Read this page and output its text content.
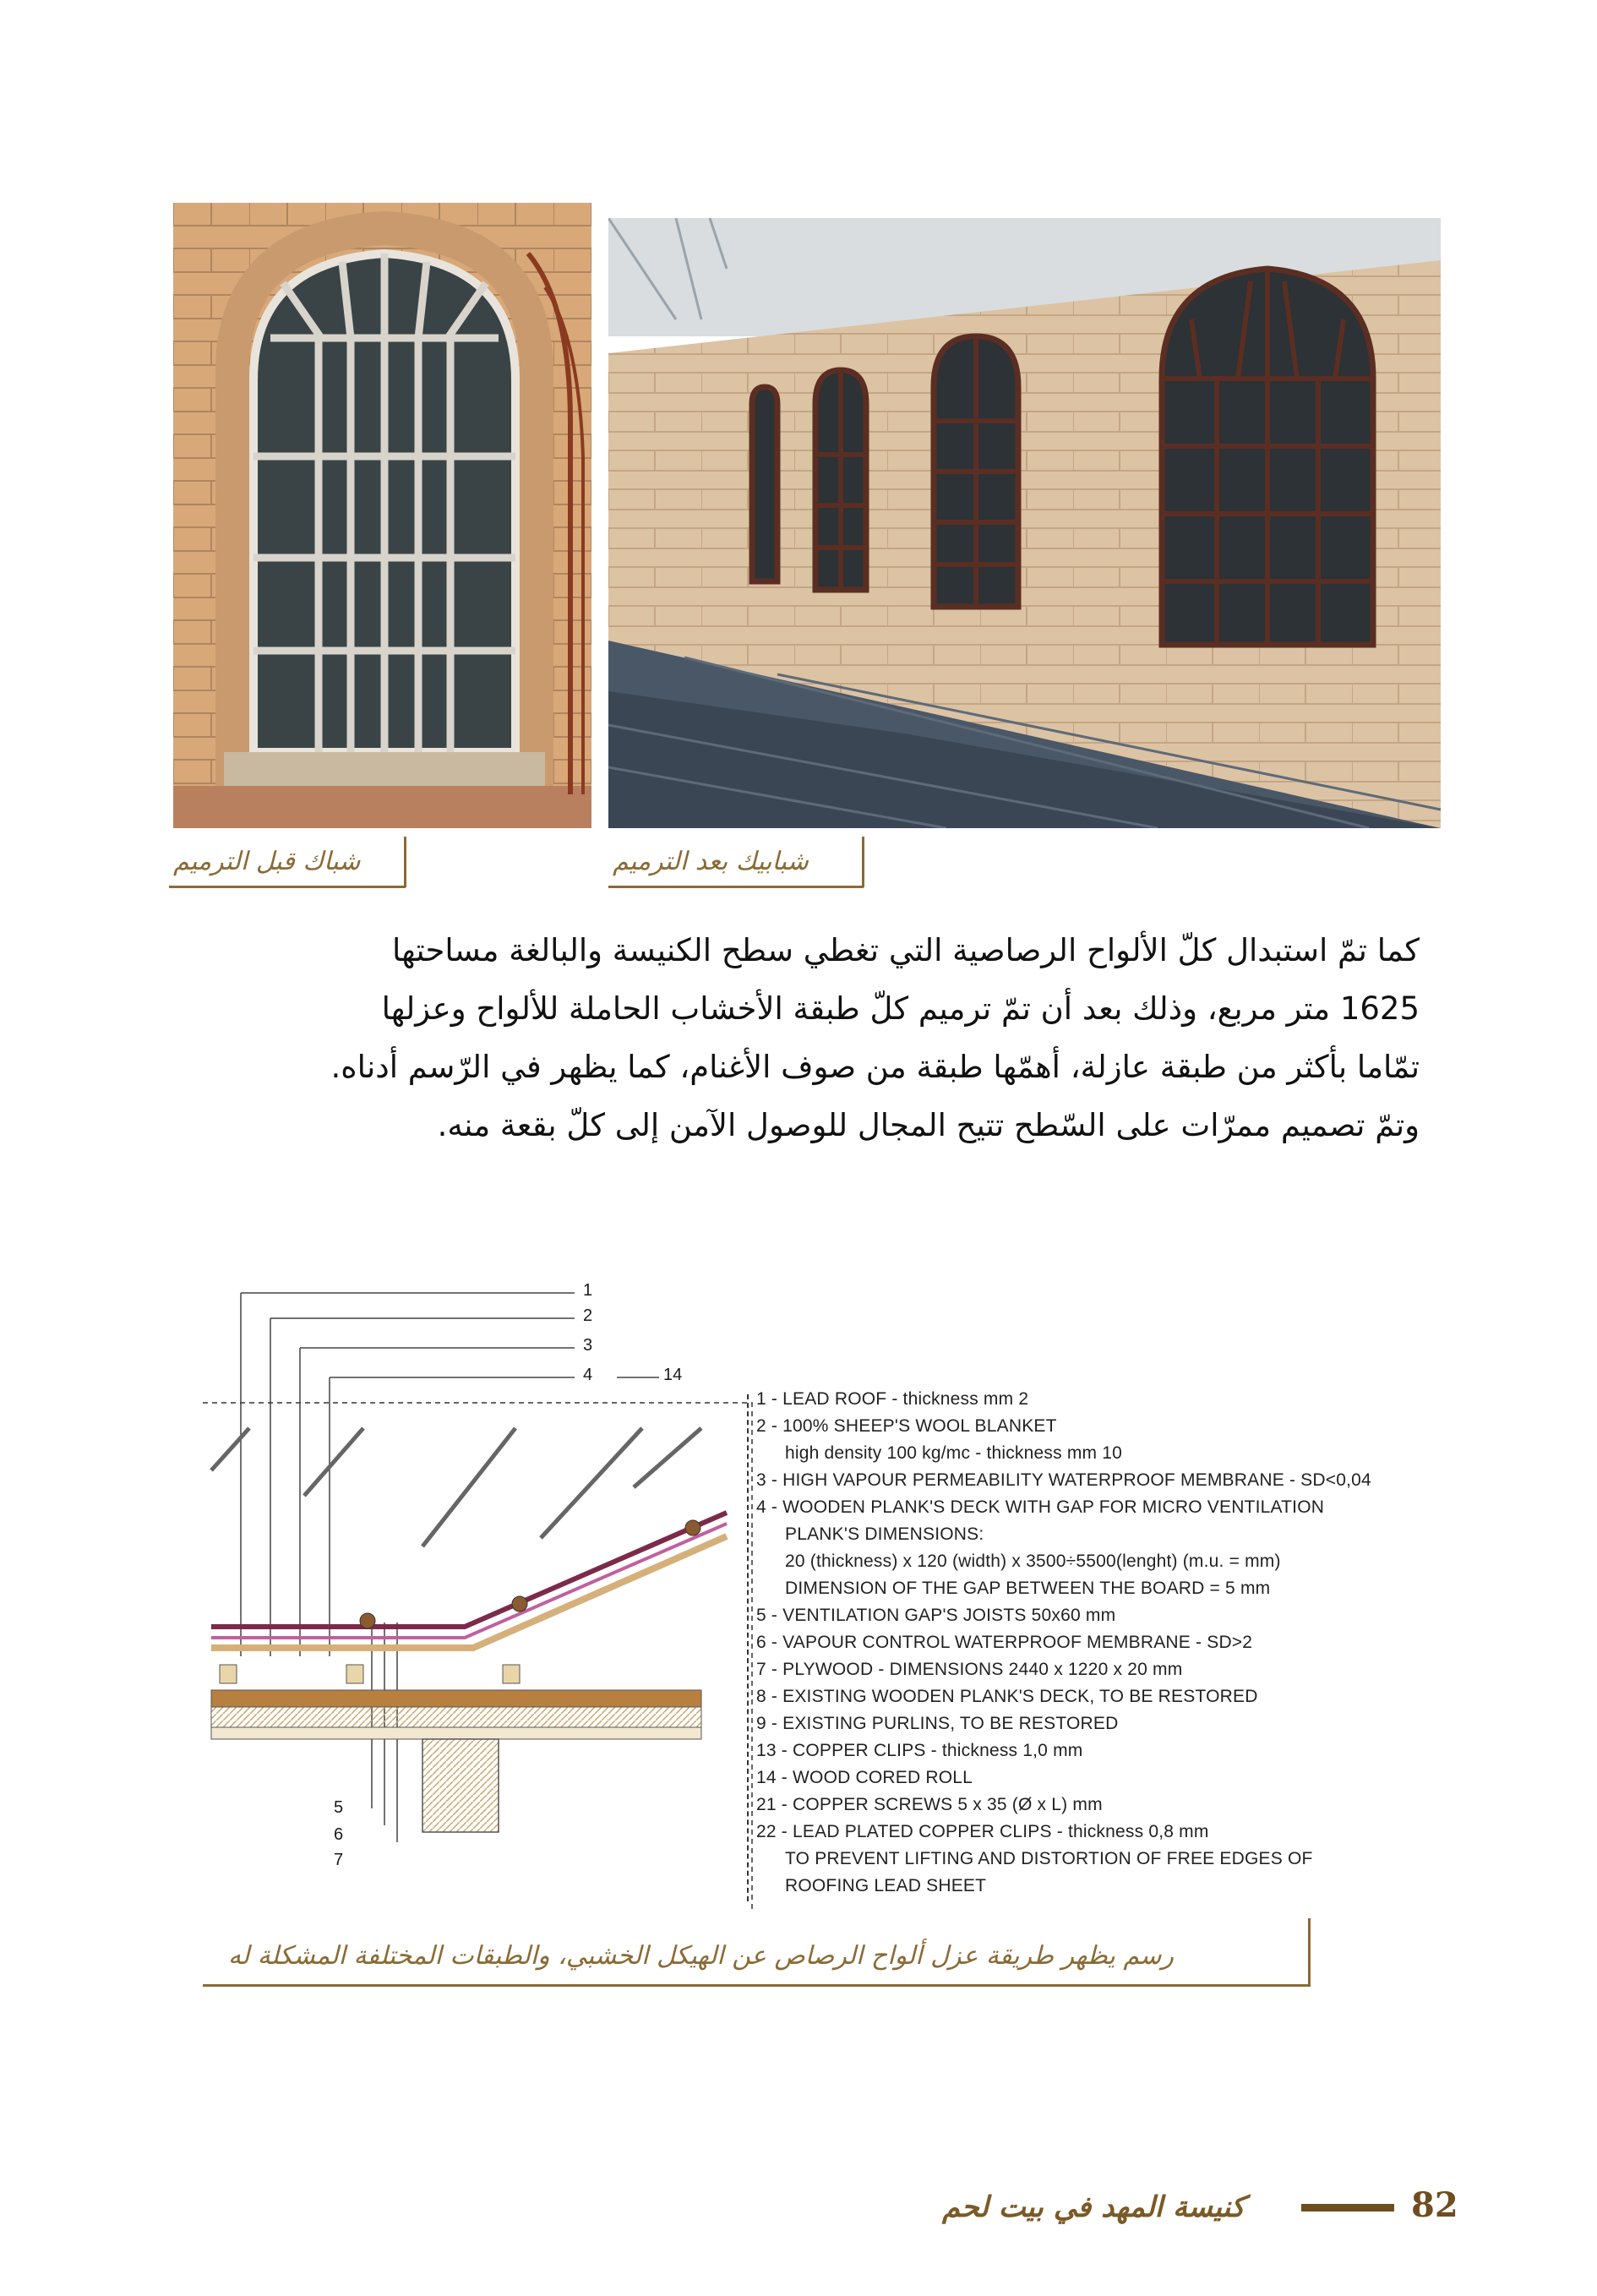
شباك قبل الترميم	شبابيك بعد الترميم

كما تمّ استبدال كلّ الألواح الرصاصية التي تغطي سطح الكنيسة والبالغة مساحتها

1625 متر مربع، وذلك بعد أن تمّ ترميم كلّ طبقة الأخشاب الحاملة للألواح وعزلها

تمّاما بأكثر من طبقة عازلة، أهمّها طبقة من صوف الأغنام، كما يظهر في الرّسم أدناه.

وتمّ تصميم ممرّات على السّطح تتيح المجال للوصول الآمن إلى كلّ بقعة منه.

1
2
3
4	14
5
6
7
1 - LEAD ROOF - thickness mm 2
2 - 100% SHEEP'S WOOL BLANKET
high density 100 kg/mc - thickness mm 10
3 - HIGH VAPOUR PERMEABILITY WATERPROOF MEMBRANE - SD<0,04
4 - WOODEN PLANK'S DECK WITH GAP FOR MICRO VENTILATION
PLANK'S DIMENSIONS:
20 (thickness) x 120 (width) x 3500÷5500(lenght) (m.u. = mm)
DIMENSION OF THE GAP BETWEEN THE BOARD = 5 mm
5 - VENTILATION GAP'S JOISTS 50x60 mm
6 - VAPOUR CONTROL WATERPROOF MEMBRANE - SD>2
7 - PLYWOOD - DIMENSIONS 2440 x 1220 x 20 mm
8 - EXISTING WOODEN PLANK'S DECK, TO BE RESTORED
9 - EXISTING PURLINS, TO BE RESTORED
13 - COPPER CLIPS - thickness 1,0 mm
14 - WOOD CORED ROLL
21 - COPPER SCREWS 5 x 35 (Ø x L) mm
22 - LEAD PLATED COPPER CLIPS - thickness 0,8 mm
TO PREVENT LIFTING AND DISTORTION OF FREE EDGES OF
ROOFING LEAD SHEET
رسم يظهر طريقة عزل ألواح الرصاص عن الهيكل الخشبي، والطبقات المختلفة المشكلة له
كنيسة المهد في بيت لحم	82
